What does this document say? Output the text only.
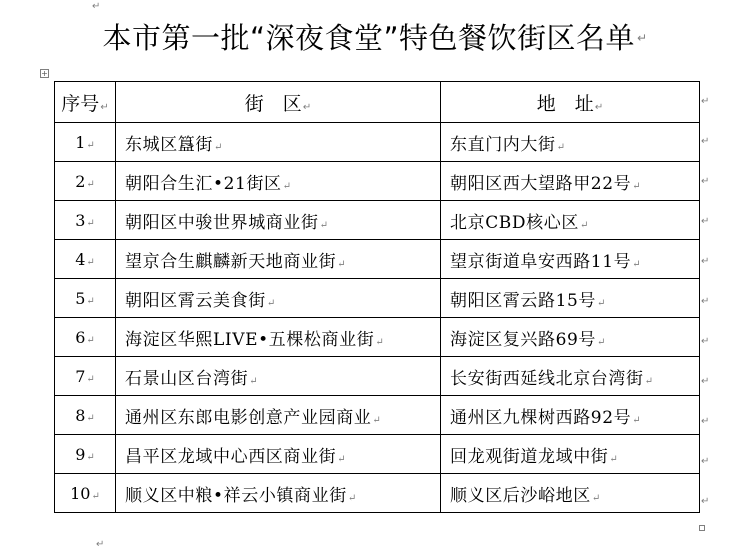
↵
本市第一批“深夜食堂”特色餐饮街区名单 ↵
+
序号↵	街　区↵	地　址↵
1↵	东城区簋街↵	东直门内大街↵
2↵	朝阳合生汇•21街区↵	朝阳区西大望路甲22号↵
3↵	朝阳区中骏世界城商业街↵	北京CBD核心区↵
4↵	望京合生麒麟新天地商业街↵	望京街道阜安西路11号↵
5↵	朝阳区霄云美食街↵	朝阳区霄云路15号↵
6↵	海淀区华熙LIVE•五棵松商业街↵	海淀区复兴路69号↵
7↵	石景山区台湾街↵	长安街西延线北京台湾街↵
8↵	通州区东郎电影创意产业园商业↵	通州区九棵树西路92号↵
9↵	昌平区龙域中心西区商业街↵	回龙观街道龙域中街↵
10↵	顺义区中粮•祥云小镇商业街↵	顺义区后沙峪地区↵
↵
↵
↵
↵
↵
↵
↵
↵
↵
↵
↵
↵
